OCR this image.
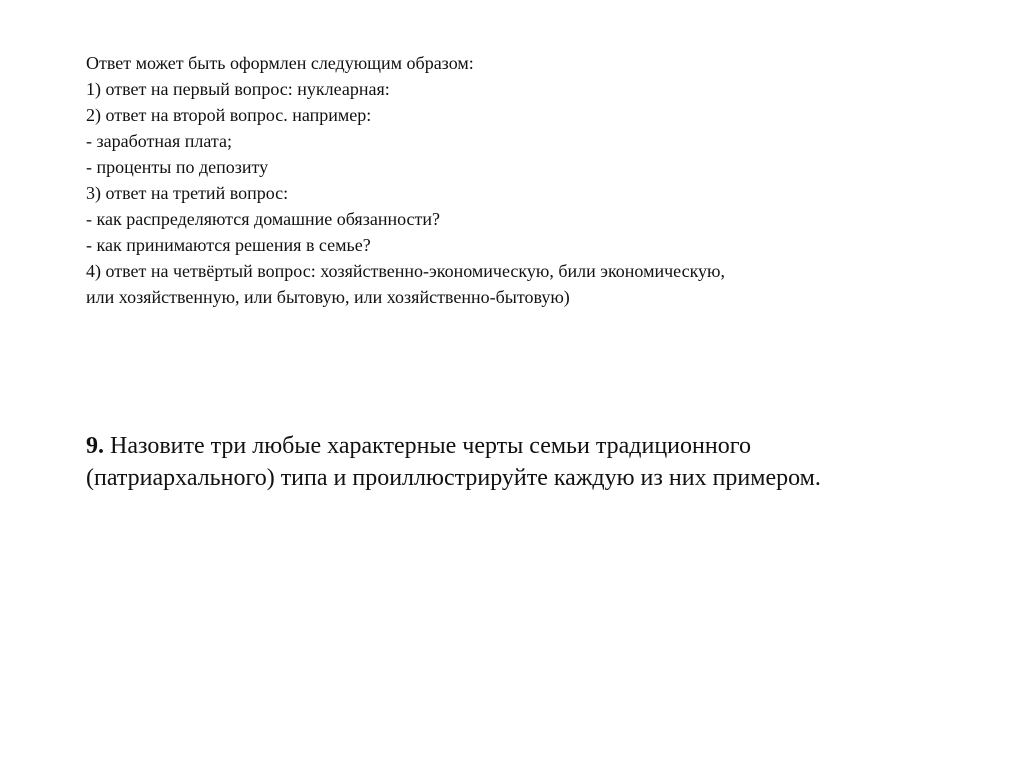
Ответ может быть оформлен следующим образом:
1) ответ на первый вопрос: нуклеарная:
2) ответ на второй вопрос. например:
- заработная плата;
- проценты по депозиту
3) ответ на третий вопрос:
- как распределяются домашние обязанности?
- как принимаются решения в семье?
4) ответ на четвёртый вопрос: хозяйственно-экономическую, били экономическую,
или хозяйственную, или бытовую, или хозяйственно-бытовую)
9. Назовите три любые характерные черты семьи традиционного
(патриархального) типа и проиллюстрируйте каждую из них примером.
